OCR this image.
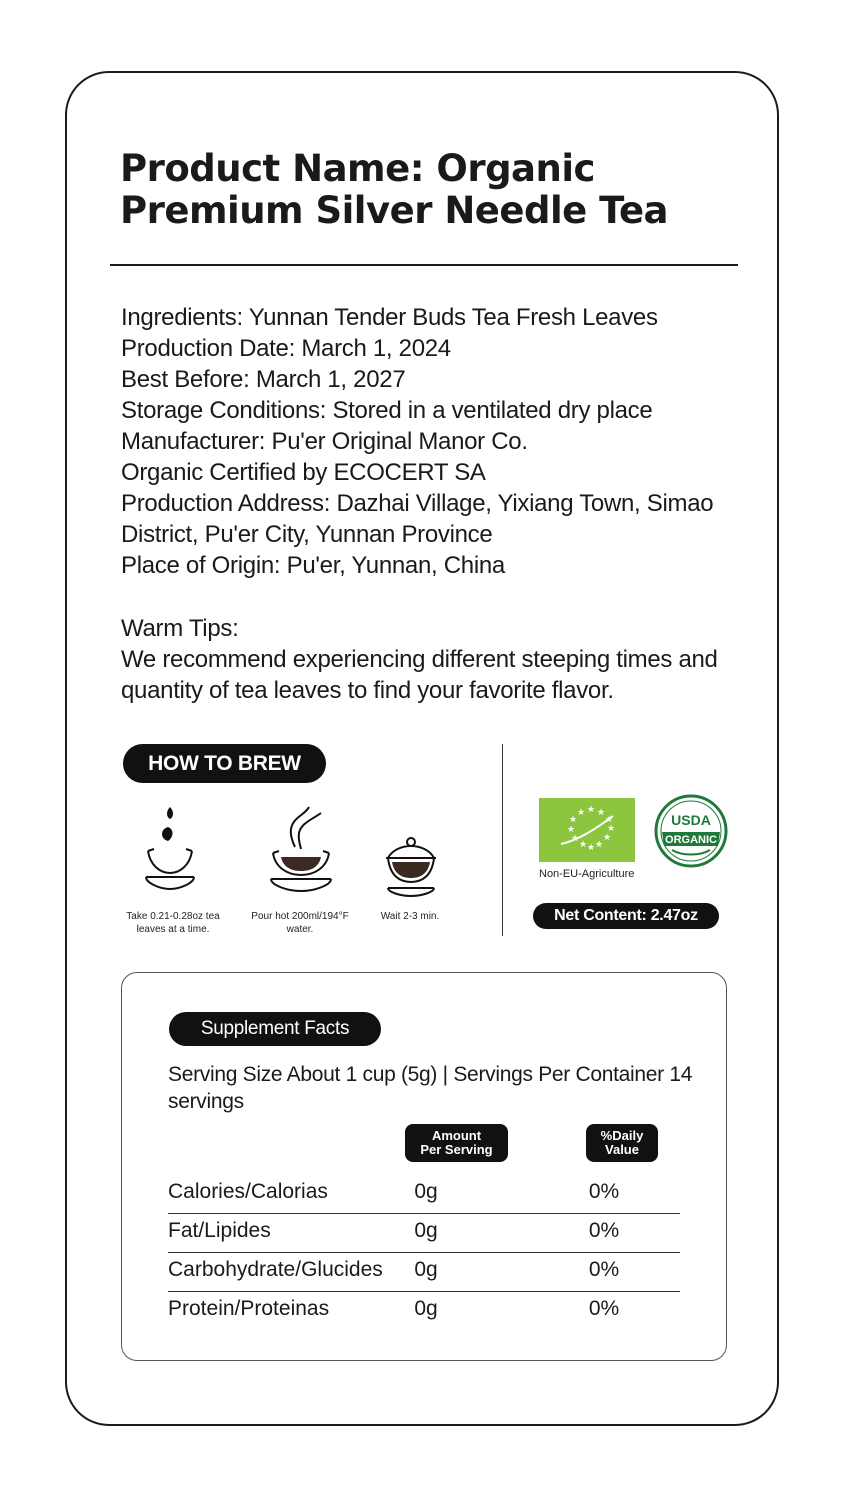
Product Name: Organic Premium Silver Needle Tea
Ingredients: Yunnan Tender Buds Tea Fresh Leaves
Production Date: March 1, 2024
Best Before: March 1, 2027
Storage Conditions: Stored in a ventilated dry place
Manufacturer: Pu'er Original Manor Co.
Organic Certified by ECOCERT SA
Production Address: Dazhai Village, Yixiang Town, Simao District, Pu'er City, Yunnan Province
Place of Origin: Pu'er, Yunnan, China
Warm Tips:
We recommend experiencing different steeping times and quantity of tea leaves to find your favorite flavor.
HOW TO BREW
Take 0.21-0.28oz tea leaves at a time.
Pour hot 200ml/194°F water.
Wait 2-3 min.
★ ★
★
★
★
★
★
★
★
★
★ ★
Non-EU-Agriculture
USDA
ORGANIC
Net Content: 2.47oz
Supplement Facts
Serving Size About 1 cup (5g) | Servings Per Container 14 servings
Amount
Per Serving
%Daily
Value
Calories/Calorias	0g	0%
Fat/Lipides	0g	0%
Carbohydrate/Glucides	0g	0%
Protein/Proteinas	0g	0%
